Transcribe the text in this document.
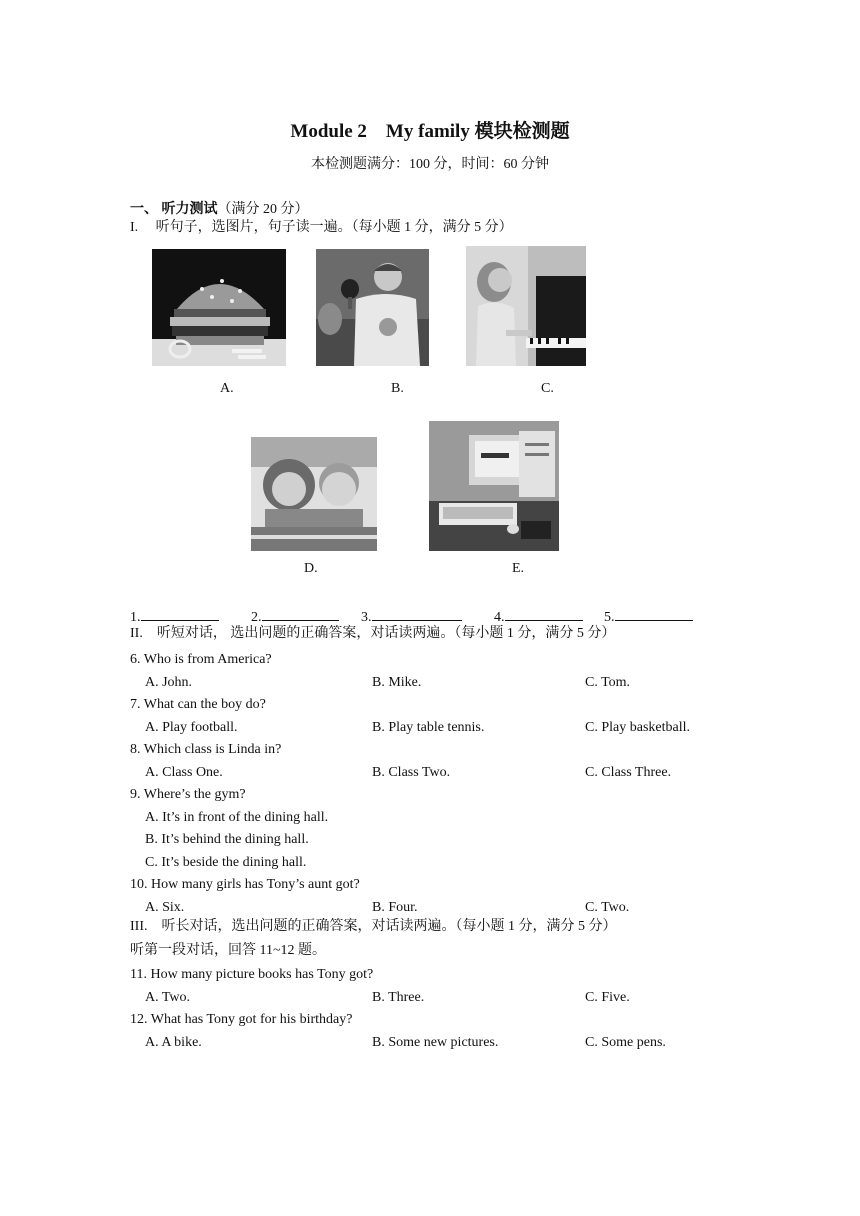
Module 2　My family 模块检测题
本检测题满分：100 分，时间：60 分钟
一、 听力测试（满分 20 分）
I.　 听句子，选图片，句子读一遍。（每小题 1 分，满分 5 分）
A.	B.	C.
D.	E.
1.	2.	3.	4.	5.
II.　听短对话， 选出问题的正确答案，对话读两遍。（每小题 1 分，满分 5 分）
6. Who is from America?
A. John.	B. Mike.	C. Tom.
7. What can the boy do?
A. Play football.	B. Play table tennis.	C. Play basketball.
8. Which class is Linda in?
A. Class One.	B. Class Two.	C. Class Three.
9. Where’s the gym?
A. It’s in front of the dining hall.
B. It’s behind the dining hall.
C. It’s beside the dining hall.
10. How many girls has Tony’s aunt got?
A. Six.	B. Four.	C. Two.
III.　听长对话，选出问题的正确答案，对话读两遍。（每小题 1 分，满分 5 分）
听第一段对话，回答 11~12 题。
11. How many picture books has Tony got?
A. Two.	B. Three.	C. Five.
12. What has Tony got for his birthday?
A. A bike.	B. Some new pictures.	C. Some pens.
